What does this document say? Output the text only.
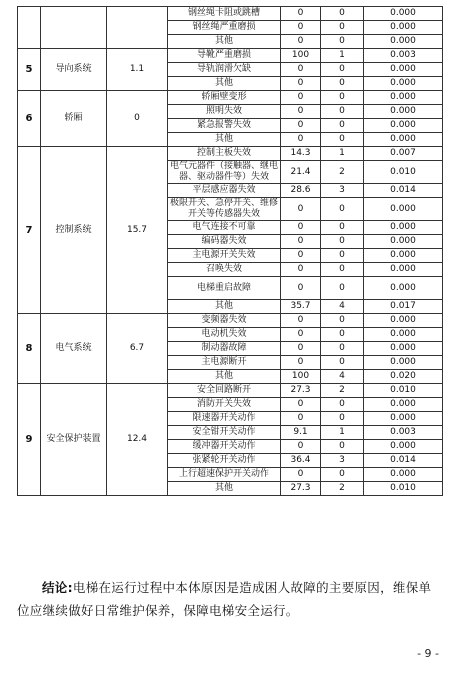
			钢丝绳卡阻或跳槽	0	0	0.000
			钢丝绳严重磨损	0	0	0.000
			其他	0	0	0.000
5	导向系统	1.1	导靴严重磨损	100	1	0.003
			导轨润滑欠缺	0	0	0.000
			其他	0	0	0.000
6	轿厢	0	轿厢壁变形	0	0	0.000
			照明失效	0	0	0.000
			紧急报警失效	0	0	0.000
			其他	0	0	0.000
7	控制系统	15.7	控制主板失效	14.3	1	0.007
			电气元器件（接触器、继电器、驱动器件等）失效	21.4	2	0.010
			平层感应器失效	28.6	3	0.014
			极限开关、急停开关、维修开关等传感器失效	0	0	0.000
			电气连接不可靠	0	0	0.000
			编码器失效	0	0	0.000
			主电源开关失效	0	0	0.000
			召唤失效	0	0	0.000
			电梯重启故障	0	0	0.000
			其他	35.7	4	0.017
8	电气系统	6.7	变频器失效	0	0	0.000
			电动机失效	0	0	0.000
			制动器故障	0	0	0.000
			主电源断开	0	0	0.000
			其他	100	4	0.020
9	安全保护装置	12.4	安全回路断开	27.3	2	0.010
			消防开关失效	0	0	0.000
			限速器开关动作	0	0	0.000
			安全钳开关动作	9.1	1	0.003
			缓冲器开关动作	0	0	0.000
			张紧轮开关动作	36.4	3	0.014
			上行超速保护开关动作	0	0	0.000
			其他	27.3	2	0.010

结论:电梯在运行过程中本体原因是造成困人故障的主要原因，维保单位应继续做好日常维护保养，保障电梯安全运行。

- 9 -
